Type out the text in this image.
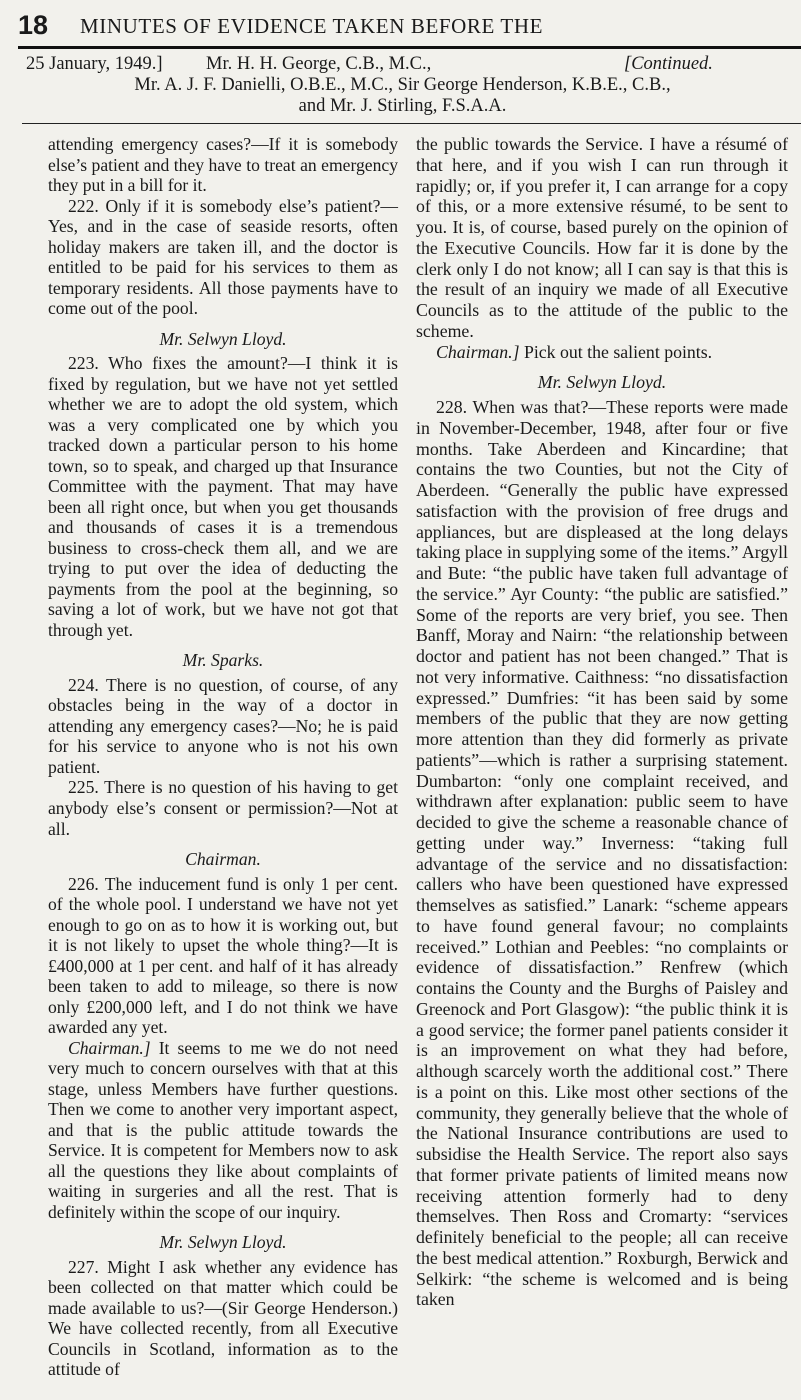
18 MINUTES OF EVIDENCE TAKEN BEFORE THE
25 January, 1949.] Mr. H. H. George, C.B., M.C.,	[Continued.
Mr. A. J. F. Danielli, O.B.E., M.C., Sir George Henderson, K.B.E., C.B.,
and Mr. J. Stirling, F.S.A.A.

attending emergency cases?—If it is somebody else’s patient and they have to treat an emergency they put in a bill for it.

222. Only if it is somebody else’s patient?—Yes, and in the case of seaside resorts, often holiday makers are taken ill, and the doctor is entitled to be paid for his services to them as temporary residents. All those payments have to come out of the pool.

Mr. Selwyn Lloyd.

223. Who fixes the amount?—I think it is fixed by regulation, but we have not yet settled whether we are to adopt the old system, which was a very complicated one by which you tracked down a particular person to his home town, so to speak, and charged up that Insurance Committee with the payment. That may have been all right once, but when you get thousands and thousands of cases it is a tremendous business to cross-check them all, and we are trying to put over the idea of deducting the payments from the pool at the beginning, so saving a lot of work, but we have not got that through yet.

Mr. Sparks.

224. There is no question, of course, of any obstacles being in the way of a doctor in attending any emergency cases?—No; he is paid for his service to anyone who is not his own patient.

225. There is no question of his having to get anybody else’s consent or permission?—Not at all.

Chairman.

226. The inducement fund is only 1 per cent. of the whole pool. I understand we have not yet enough to go on as to how it is working out, but it is not likely to upset the whole thing?—It is £400,000 at 1 per cent. and half of it has already been taken to add to mileage, so there is now only £200,000 left, and I do not think we have awarded any yet.

Chairman.] It seems to me we do not need very much to concern ourselves with that at this stage, unless Members have further questions. Then we come to another very important aspect, and that is the public attitude towards the Service. It is competent for Members now to ask all the questions they like about complaints of waiting in surgeries and all the rest. That is definitely within the scope of our inquiry.

Mr. Selwyn Lloyd.

227. Might I ask whether any evidence has been collected on that matter which could be made available to us?—(Sir George Henderson.) We have collected recently, from all Executive Councils in Scotland, information as to the attitude of

the public towards the Service. I have a résumé of that here, and if you wish I can run through it rapidly; or, if you prefer it, I can arrange for a copy of this, or a more extensive résumé, to be sent to you. It is, of course, based purely on the opinion of the Executive Councils. How far it is done by the clerk only I do not know; all I can say is that this is the result of an inquiry we made of all Executive Councils as to the attitude of the public to the scheme.

Chairman.] Pick out the salient points.

Mr. Selwyn Lloyd.

228. When was that?—These reports were made in November-December, 1948, after four or five months. Take Aberdeen and Kincardine; that contains the two Counties, but not the City of Aberdeen. “Generally the public have expressed satisfaction with the provision of free drugs and appliances, but are displeased at the long delays taking place in supplying some of the items.” Argyll and Bute: “the public have taken full advantage of the service.” Ayr County: “the public are satisfied.” Some of the reports are very brief, you see. Then Banff, Moray and Nairn: “the relationship between doctor and patient has not been changed.” That is not very informative. Caithness: “no dissatisfaction expressed.” Dumfries: “it has been said by some members of the public that they are now getting more attention than they did formerly as private patients”—which is rather a surprising statement. Dumbarton: “only one complaint received, and withdrawn after explanation: public seem to have decided to give the scheme a reasonable chance of getting under way.” Inverness: “taking full advantage of the service and no dissatisfaction: callers who have been questioned have expressed themselves as satisfied.” Lanark: “scheme appears to have found general favour; no complaints received.” Lothian and Peebles: “no complaints or evidence of dissatisfaction.” Renfrew (which contains the County and the Burghs of Paisley and Greenock and Port Glasgow): “the public think it is a good service; the former panel patients consider it is an improvement on what they had before, although scarcely worth the additional cost.” There is a point on this. Like most other sections of the community, they generally believe that the whole of the National Insurance contributions are used to subsidise the Health Service. The report also says that former private patients of limited means now receiving attention formerly had to deny themselves. Then Ross and Cromarty: “services definitely beneficial to the people; all can receive the best medical attention.” Roxburgh, Berwick and Selkirk: “the scheme is welcomed and is being taken
